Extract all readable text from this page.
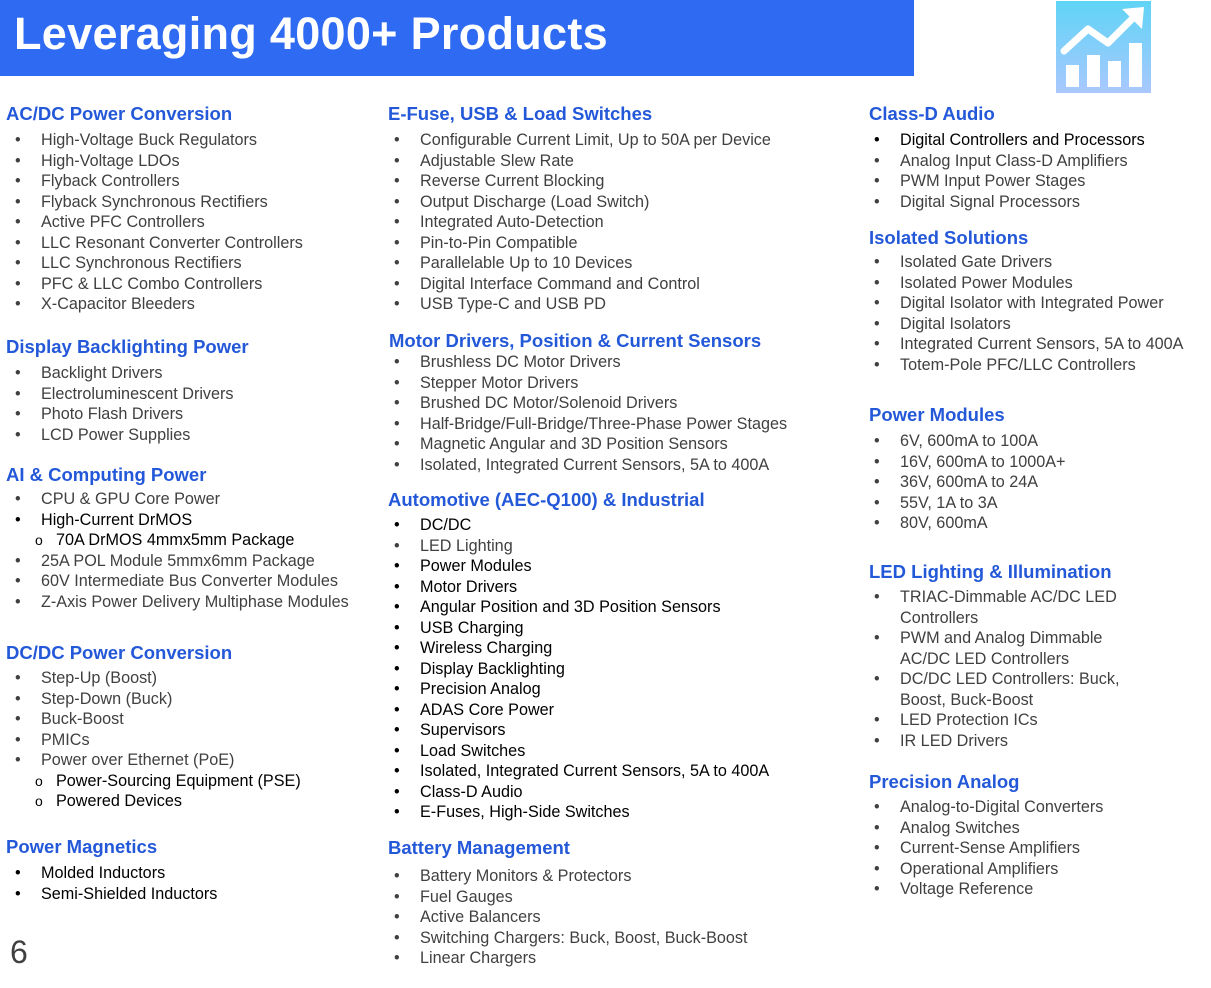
Leveraging 4000+ Products
AC/DC Power Conversion
• High-Voltage Buck Regulators
• High-Voltage LDOs
• Flyback Controllers
• Flyback Synchronous Rectifiers
• Active PFC Controllers
• LLC Resonant Converter Controllers
• LLC Synchronous Rectifiers
• PFC & LLC Combo Controllers
• X-Capacitor Bleeders
Display Backlighting Power
• Backlight Drivers
• Electroluminescent Drivers
• Photo Flash Drivers
• LCD Power Supplies
AI & Computing Power
• CPU & GPU Core Power
• High-Current DrMOS
o 70A DrMOS 4mmx5mm Package
• 25A POL Module 5mmx6mm Package
• 60V Intermediate Bus Converter Modules
• Z-Axis Power Delivery Multiphase Modules
DC/DC Power Conversion
• Step-Up (Boost)
• Step-Down (Buck)
• Buck-Boost
• PMICs
• Power over Ethernet (PoE)
o Power-Sourcing Equipment (PSE)
o Powered Devices
Power Magnetics
• Molded Inductors
• Semi-Shielded Inductors
6
E-Fuse, USB & Load Switches
• Configurable Current Limit, Up to 50A per Device
• Adjustable Slew Rate
• Reverse Current Blocking
• Output Discharge (Load Switch)
• Integrated Auto-Detection
• Pin-to-Pin Compatible
• Parallelable Up to 10 Devices
• Digital Interface Command and Control
• USB Type-C and USB PD
Motor Drivers, Position & Current Sensors
• Brushless DC Motor Drivers
• Stepper Motor Drivers
• Brushed DC Motor/Solenoid Drivers
• Half-Bridge/Full-Bridge/Three-Phase Power Stages
• Magnetic Angular and 3D Position Sensors
• Isolated, Integrated Current Sensors, 5A to 400A
Automotive (AEC-Q100) & Industrial
• DC/DC
• LED Lighting
• Power Modules
• Motor Drivers
• Angular Position and 3D Position Sensors
• USB Charging
• Wireless Charging
• Display Backlighting
• Precision Analog
• ADAS Core Power
• Supervisors
• Load Switches
• Isolated, Integrated Current Sensors, 5A to 400A
• Class-D Audio
• E-Fuses, High-Side Switches
Battery Management
• Battery Monitors & Protectors
• Fuel Gauges
• Active Balancers
• Switching Chargers: Buck, Boost, Buck-Boost
• Linear Chargers
Class-D Audio
• Digital Controllers and Processors
• Analog Input Class-D Amplifiers
• PWM Input Power Stages
• Digital Signal Processors
Isolated Solutions
• Isolated Gate Drivers
• Isolated Power Modules
• Digital Isolator with Integrated Power
• Digital Isolators
• Integrated Current Sensors, 5A to 400A
• Totem-Pole PFC/LLC Controllers
Power Modules
• 6V, 600mA to 100A
• 16V, 600mA to 1000A+
• 36V, 600mA to 24A
• 55V, 1A to 3A
• 80V, 600mA
LED Lighting & Illumination
• TRIAC-Dimmable AC/DC LED
Controllers
• PWM and Analog Dimmable
AC/DC LED Controllers
• DC/DC LED Controllers: Buck,
Boost, Buck-Boost
• LED Protection ICs
• IR LED Drivers
Precision Analog
• Analog-to-Digital Converters
• Analog Switches
• Current-Sense Amplifiers
• Operational Amplifiers
• Voltage Reference
